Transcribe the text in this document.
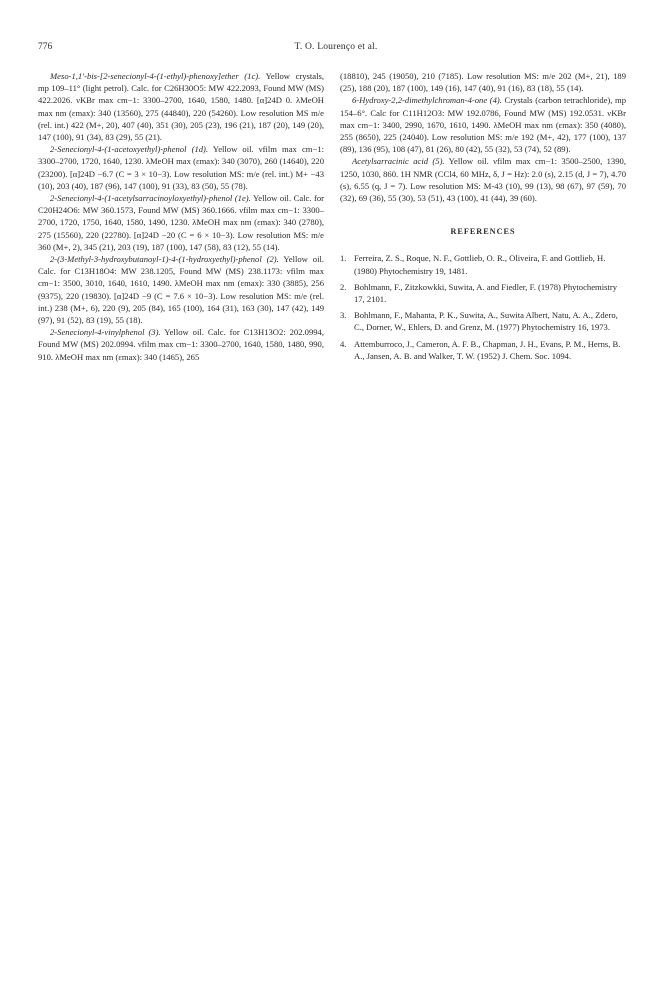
776	T. O. Lourenço et al.

Meso-1,1′-bis-[2-senecionyl-4-(1-ethyl)-phenoxy]ether (1c). Yellow crystals, mp 109–11° (light petrol). Calc. for C26H30O5: MW 422.2093, Found MW (MS) 422.2026. νKBr max cm−1: 3300–2700, 1640, 1580, 1480. [α]24D 0. λMeOH max nm (εmax): 340 (13560), 275 (44840), 220 (54260). Low resolution MS m/e (rel. int.) 422 (M+, 20), 407 (40), 351 (30), 205 (23), 196 (21), 187 (20), 149 (20), 147 (100), 91 (34), 83 (29), 55 (21).

2-Senecionyl-4-(1-acetoxyethyl)-phenol (1d). Yellow oil. νfilm max cm−1: 3300–2700, 1720, 1640, 1230. λMeOH max (εmax): 340 (3070), 260 (14640), 220 (23200). [α]24D −6.7 (C = 3 × 10−3). Low resolution MS: m/e (rel. int.) M+ −43 (10), 203 (40), 187 (96), 147 (100), 91 (33), 83 (50), 55 (78).

2-Senecionyl-4-(1-acetylsarracinoyloxyethyl)-phenol (1e). Yellow oil. Calc. for C20H24O6: MW 360.1573, Found MW (MS) 360.1666. νfilm max cm−1: 3300–2700, 1720, 1750, 1640, 1580, 1490, 1230. λMeOH max nm (εmax): 340 (2780), 275 (15560), 220 (22780). [α]24D −20 (C = 6 × 10−3). Low resolution MS: m/e 360 (M+, 2), 345 (21), 203 (19), 187 (100), 147 (58), 83 (12), 55 (14).

2-(3-Methyl-3-hydroxybutanoyl-1)-4-(1-hydroxyethyl)-phenol (2). Yellow oil. Calc. for C13H18O4: MW 238.1205, Found MW (MS) 238.1173: νfilm max cm−1: 3500, 3010, 1640, 1610, 1490. λMeOH max nm (εmax): 330 (3885), 256 (9375), 220 (19830). [α]24D −9 (C = 7.6 × 10−3). Low resolution MS: m/e (rel. int.) 238 (M+, 6), 220 (9), 205 (84), 165 (100), 164 (31), 163 (30), 147 (42), 149 (97), 91 (52), 83 (19), 55 (18).

2-Senecionyl-4-vinylphenol (3). Yellow oil. Calc. for C13H13O2: 202.0994, Found MW (MS) 202.0994. νfilm max cm−1: 3300–2700, 1640, 1580, 1480, 990, 910. λMeOH max nm (εmax): 340 (1465), 265

(18810), 245 (19050), 210 (7185). Low resolution MS: m/e 202 (M+, 21), 189 (25), 188 (20), 187 (100), 149 (16), 147 (40), 91 (16), 83 (18), 55 (14).

6-Hydroxy-2,2-dimethylchroman-4-one (4). Crystals (carbon tetrachloride), mp 154–6°. Calc for C11H12O3: MW 192.0786, Found MW (MS) 192.0531. νKBr max cm−1: 3400, 2990, 1670, 1610, 1490. λMeOH max nm (εmax): 350 (4080), 255 (8650), 225 (24040). Low resolution MS: m/e 192 (M+, 42), 177 (100), 137 (89), 136 (95), 108 (47), 81 (26), 80 (42), 55 (32), 53 (74), 52 (89).

Acetylsarracinic acid (5). Yellow oil. νfilm max cm−1: 3500–2500, 1390, 1250, 1030, 860. 1H NMR (CCl4, 60 MHz, δ, J = Hz): 2.0 (s), 2.15 (d, J = 7), 4.70 (s), 6.55 (q, J = 7). Low resolution MS: M-43 (10), 99 (13), 98 (67), 97 (59), 70 (32), 69 (36), 55 (30), 53 (51), 43 (100), 41 (44), 39 (60).

REFERENCES
1. Ferreira, Z. S., Roque, N. F., Gottlieb, O. R., Oliveira, F. and Gottlieb, H. (1980) Phytochemistry 19, 1481.
2. Bohlmann, F., Zitzkowkki, Suwita, A. and Fiedler, F. (1978) Phytochemistry 17, 2101.
3. Bohlmann, F., Mahanta, P. K., Suwita, A., Suwita Albert, Natu, A. A., Zdero, C., Dorner, W., Ehlers, D. and Grenz, M. (1977) Phytochemistry 16, 1973.
4. Attemburroco, J., Cameron, A. F. B., Chapman, J. H., Evans, P. M., Herns, B. A., Jansen, A. B. and Walker, T. W. (1952) J. Chem. Soc. 1094.
